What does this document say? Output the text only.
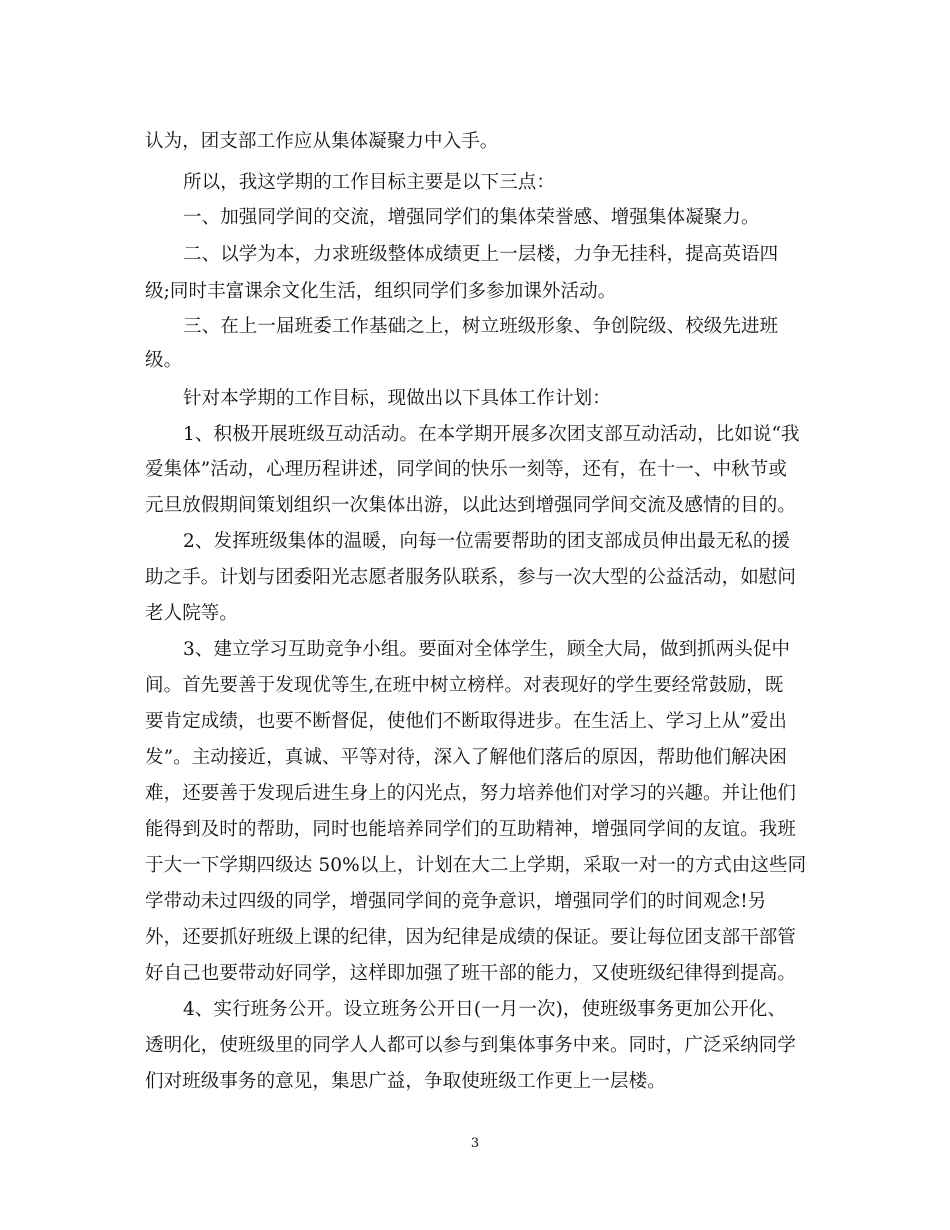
认为，团支部工作应从集体凝聚力中入手。
所以，我这学期的工作目标主要是以下三点：
一、加强同学间的交流，增强同学们的集体荣誉感、增强集体凝聚力。
二、以学为本，力求班级整体成绩更上一层楼，力争无挂科，提高英语四
级;同时丰富课余文化生活，组织同学们多参加课外活动。
三、在上一届班委工作基础之上，树立班级形象、争创院级、校级先进班
级。
针对本学期的工作目标，现做出以下具体工作计划：
1、积极开展班级互动活动。在本学期开展多次团支部互动活动，比如说“我
爱集体”活动，心理历程讲述，同学间的快乐一刻等，还有，在十一、中秋节或
元旦放假期间策划组织一次集体出游，以此达到增强同学间交流及感情的目的。
2、发挥班级集体的温暖，向每一位需要帮助的团支部成员伸出最无私的援
助之手。计划与团委阳光志愿者服务队联系，参与一次大型的公益活动，如慰问
老人院等。
3、建立学习互助竞争小组。要面对全体学生，顾全大局，做到抓两头促中
间。首先要善于发现优等生,在班中树立榜样。对表现好的学生要经常鼓励，既
要肯定成绩，也要不断督促，使他们不断取得进步。在生活上、学习上从”爱出
发”。主动接近，真诚、平等对待，深入了解他们落后的原因，帮助他们解决困
难，还要善于发现后进生身上的闪光点，努力培养他们对学习的兴趣。并让他们
能得到及时的帮助，同时也能培养同学们的互助精神，增强同学间的友谊。我班
于大一下学期四级达 50%以上，计划在大二上学期，采取一对一的方式由这些同
学带动未过四级的同学，增强同学间的竞争意识，增强同学们的时间观念!另
外，还要抓好班级上课的纪律，因为纪律是成绩的保证。要让每位团支部干部管
好自己也要带动好同学，这样即加强了班干部的能力，又使班级纪律得到提高。
4、实行班务公开。设立班务公开日(一月一次)，使班级事务更加公开化、
透明化，使班级里的同学人人都可以参与到集体事务中来。同时，广泛采纳同学
们对班级事务的意见，集思广益，争取使班级工作更上一层楼。
3
